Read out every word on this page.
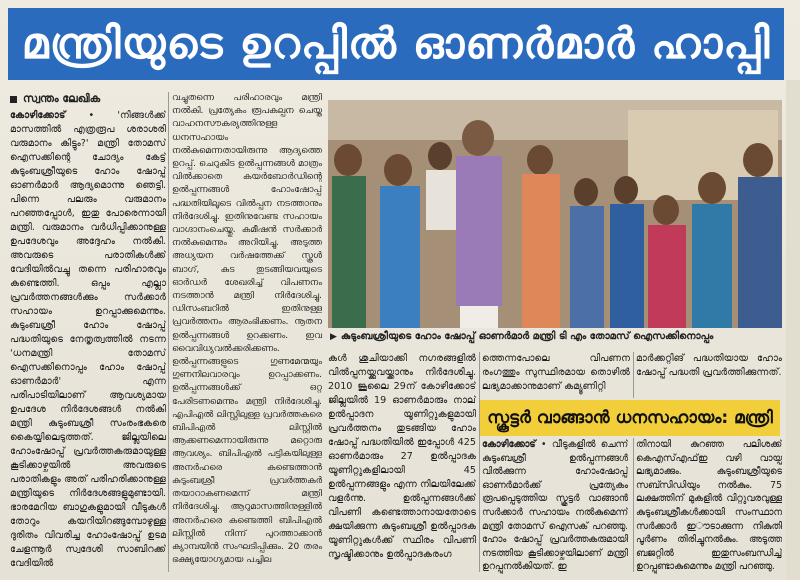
മന്ത്രിയുടെ ഉറപ്പിൽ ഓണർമാർ ഹാപ്പി
സ്വന്തം ലേഖിക

കോഴിക്കോട് • 'നിങ്ങൾക്ക് മാസത്തിൽ എത്രരൂപ ശരാശരി വരുമാനം കിട്ടും?' മന്ത്രി തോമസ് ഐസക്കിന്റെ ചോദ്യം കേട്ട് കുടുംബശ്രീയുടെ ഹോം ഷോപ്പ് ഓണർമാർ ആദ്യമൊന്നു ഞെട്ടി. പിന്നെ പലരും വരുമാനം പറഞ്ഞപ്പോൾ, ഇതു പോരെന്നായി മന്ത്രി. വരുമാനം വർധിപ്പിക്കാനുള്ള ഉപദേശവും അദ്ദേഹം നൽകി. അവരുടെ പരാതികൾക്ക് വേദിയിൽവച്ചു തന്നെ പരിഹാരവും കണ്ടെത്തി. ഒപ്പം എല്ലാ പ്രവർത്തനങ്ങൾക്കും സർക്കാർ സഹായം ഉറപ്പാക്കുമെന്നും. കുടുംബശ്രീ ഹോം ഷോപ്പ് പദ്ധതിയുടെ നേതൃത്വത്തിൽ നടന്ന 'ധനമന്ത്രി തോമസ് ഐസക്കിനൊപ്പം ഹോം ഷോപ്പ് ഓണർമാർ' എന്ന പരിപാടിയിലാണ് ആവശ്യമായ ഉപദേശ നിർദേശങ്ങൾ നൽകി മന്ത്രി കുടുംബശ്രീ സംരംഭകരെ കൈയ്യിലെടുത്തത്. ജില്ലയിലെ ഹോംഷോപ്പ് പ്രവർത്തകരുമായുള്ള കൂടിക്കാഴ്ചയിൽ അവരുടെ പരാതികളും അത് പരിഹരിക്കാനുള്ള മന്ത്രിയുടെ നിർദേശങ്ങളുമുണ്ടായി. ഭാരമേറിയ ബാഗുകളുമായി വീടുകൾ തോറും കയറിയിറങ്ങുമ്പോഴുള്ള ദുരിതം വിവരിച്ച ഹോംഷോപ്പ് ഉടമ ചേളന്നൂർ സ്വദേശി സാബിറക്ക് വേദിയിൽ

വച്ചുതന്നെ പരിഹാരവും മന്ത്രി നൽകി. പ്രത്യേകം രൂപകല്പന ചെയ്ത വാഹനസൗകര്യത്തിനുള്ള ധനസഹായം നൽകുമെന്നതായിരുന്നു ആദ്യത്തെ ഉറപ്പ്. ചെറുകിട ഉൽപ്പന്നങ്ങൾ മാത്രം വിൽക്കാതെ കയർബോർഡിന്റെ ഉൽപ്പന്നങ്ങൾ ഹോംഷോപ്പ് പദ്ധതിയിലൂടെ വിൽപ്പന നടത്താനും നിർദേശിച്ചു. ഇതിനുവേണ്ട സഹായം വാഗ്ദാനംചെയ്തു. കമീഷൻ സർക്കാർ നൽകുമെന്നും അറിയിച്ചു. അടുത്ത അധ്യയന വർഷത്തേക്ക് സ്കൂൾ ബാഗ്, കുട തുടങ്ങിയവയുടെ ഓർഡർ ശേഖരിച്ച് വിപണനം നടത്താൻ മന്ത്രി നിർദേശിച്ചു. ഡിസംബറിൽ ഇതിനുള്ള പ്രവർത്തനം ആരംഭിക്കണം. നൂതന ഉൽപ്പന്നങ്ങൾ ഉറക്കണം. ഇവ വൈവിധ്യവൽക്കരിക്കണം. ഉൽപ്പന്നങ്ങളുടെ ഗുണമേന്മയും ഗുണനിലവാരവും ഉറപ്പാക്കണം. ഉൽപ്പന്നങ്ങൾക്ക് ഒറ്റ പേരിടണമെന്നും മന്ത്രി നിർദേശിച്ചു. എപിഎൽ ലിസ്റ്റിലുള്ള പ്രവർത്തകരെ ബിപിഎൽ ലിസ്റ്റിൽ ആക്കണമെന്നായിരുന്നു മറ്റൊരു ആവശ്യം. ബിപിഎൽ പട്ടികയിലുള്ള അനർഹരെ കണ്ടെത്താൻ കുടുംബശ്രീ പ്രവർത്തകർ തയാറാകണമെന്ന് മന്ത്രി നിർദേശിച്ചു. ആറുമാസത്തിനുള്ളിൽ അനർഹരെ കണ്ടെത്തി ബിപിഎൽ ലിസ്റ്റിൽ നിന്ന് പുറത്താക്കാൻ ക്യാമ്പയിൻ സംഘടിപ്പിക്കും. 20 തരം ഭക്ഷ്യയോഗ്യമായ പച്ചില

▶ കുടുംബശ്രീയുടെ ഹോം ഷോപ്പ് ഓണർമാർ മന്ത്രി ടി എം തോമസ് ഐസക്കിനൊപ്പം

കൾ ശുചിയാക്കി നഗരങ്ങളിൽ വിൽപ്പനയ്ക്കുവയ്ക്കാനും നിർദേശിച്ചു. 2010 ജൂലൈ 29ന് കോഴിക്കോട് ജില്ലയിൽ 19 ഓണർമാരും നാല് ഉൽപ്പാദന യൂണിറ്റുകളുമായി പ്രവർത്തനം തുടങ്ങിയ ഹോം ഷോപ്പ് പദ്ധതിയിൽ ഇപ്പോൾ 425 ഓണർമാരും 27 ഉൽപ്പാദക യൂണിറ്റുകളിലായി 45 ഉൽപ്പന്നങ്ങളും എന്ന നിലയിലേക്ക് വളർന്നു. ഉൽപ്പന്നങ്ങൾക്ക് വിപണി കണ്ടെത്താനായതോടെ ക്ഷയിക്കുന്ന കുടുംബശ്രീ ഉൽപ്പാദക യൂണിറ്റുകൾക്ക് സ്ഥിരം വിപണി സൃഷ്ടിക്കാനും ഉൽപ്പാദകരംഗ

ത്തെന്നപോലെ വിപണന രംഗത്തും സുസ്ഥിരമായ തൊഴിൽ ലഭ്യമാക്കാനുമാണ് കമ്യൂണിറ്റി

മാർക്കറ്റിങ് പദ്ധതിയായ ഹോം ഷോപ്പ് പദ്ധതി പ്രവർത്തിക്കുന്നത്.

സ്കൂട്ടർ വാങ്ങാൻ ധനസഹായം: മന്ത്രി

കോഴിക്കോട് • വീടുകളിൽ ചെന്ന് കുടുംബശ്രീ ഉൽപ്പന്നങ്ങൾ വിൽക്കുന്ന ഹോംഷോപ്പ് ഓണർമാർക്ക് പ്രത്യേകം രൂപപ്പെടുത്തിയ സ്കൂട്ടർ വാങ്ങാൻ സർക്കാർ സഹായം നൽകുമെന്ന് മന്ത്രി തോമസ് ഐസക് പറഞ്ഞു. ഹോം ഷോപ്പ് പ്രവർത്തകരുമായി നടത്തിയ കൂടിക്കാഴ്ചയിലാണ് മന്ത്രി ഉറപ്പുനൽകിയത്. ഇ

തിനായി കുറഞ്ഞ പലിശക്ക് കെഎസ്എഫ്ഇ വഴി വായ്പ ലഭ്യമാക്കും. കുടുംബശ്രീയുടെ സബ്സിഡിയും നൽകും. 75 ലക്ഷത്തിന് മുകളിൽ വിറ്റുവരവുള്ള കുടുംബശ്രീകൾക്കായി സംസ്ഥാന സർക്കാർ ഇൗടാക്കുന്ന നികുതി പൂർണം തിരിച്ചുനൽകും. അടുത്ത ബജറ്റിൽ ഇതുസംബന്ധിച്ച് ഉറപ്പുണ്ടാകുമെന്നും മന്ത്രി പറഞ്ഞു.
